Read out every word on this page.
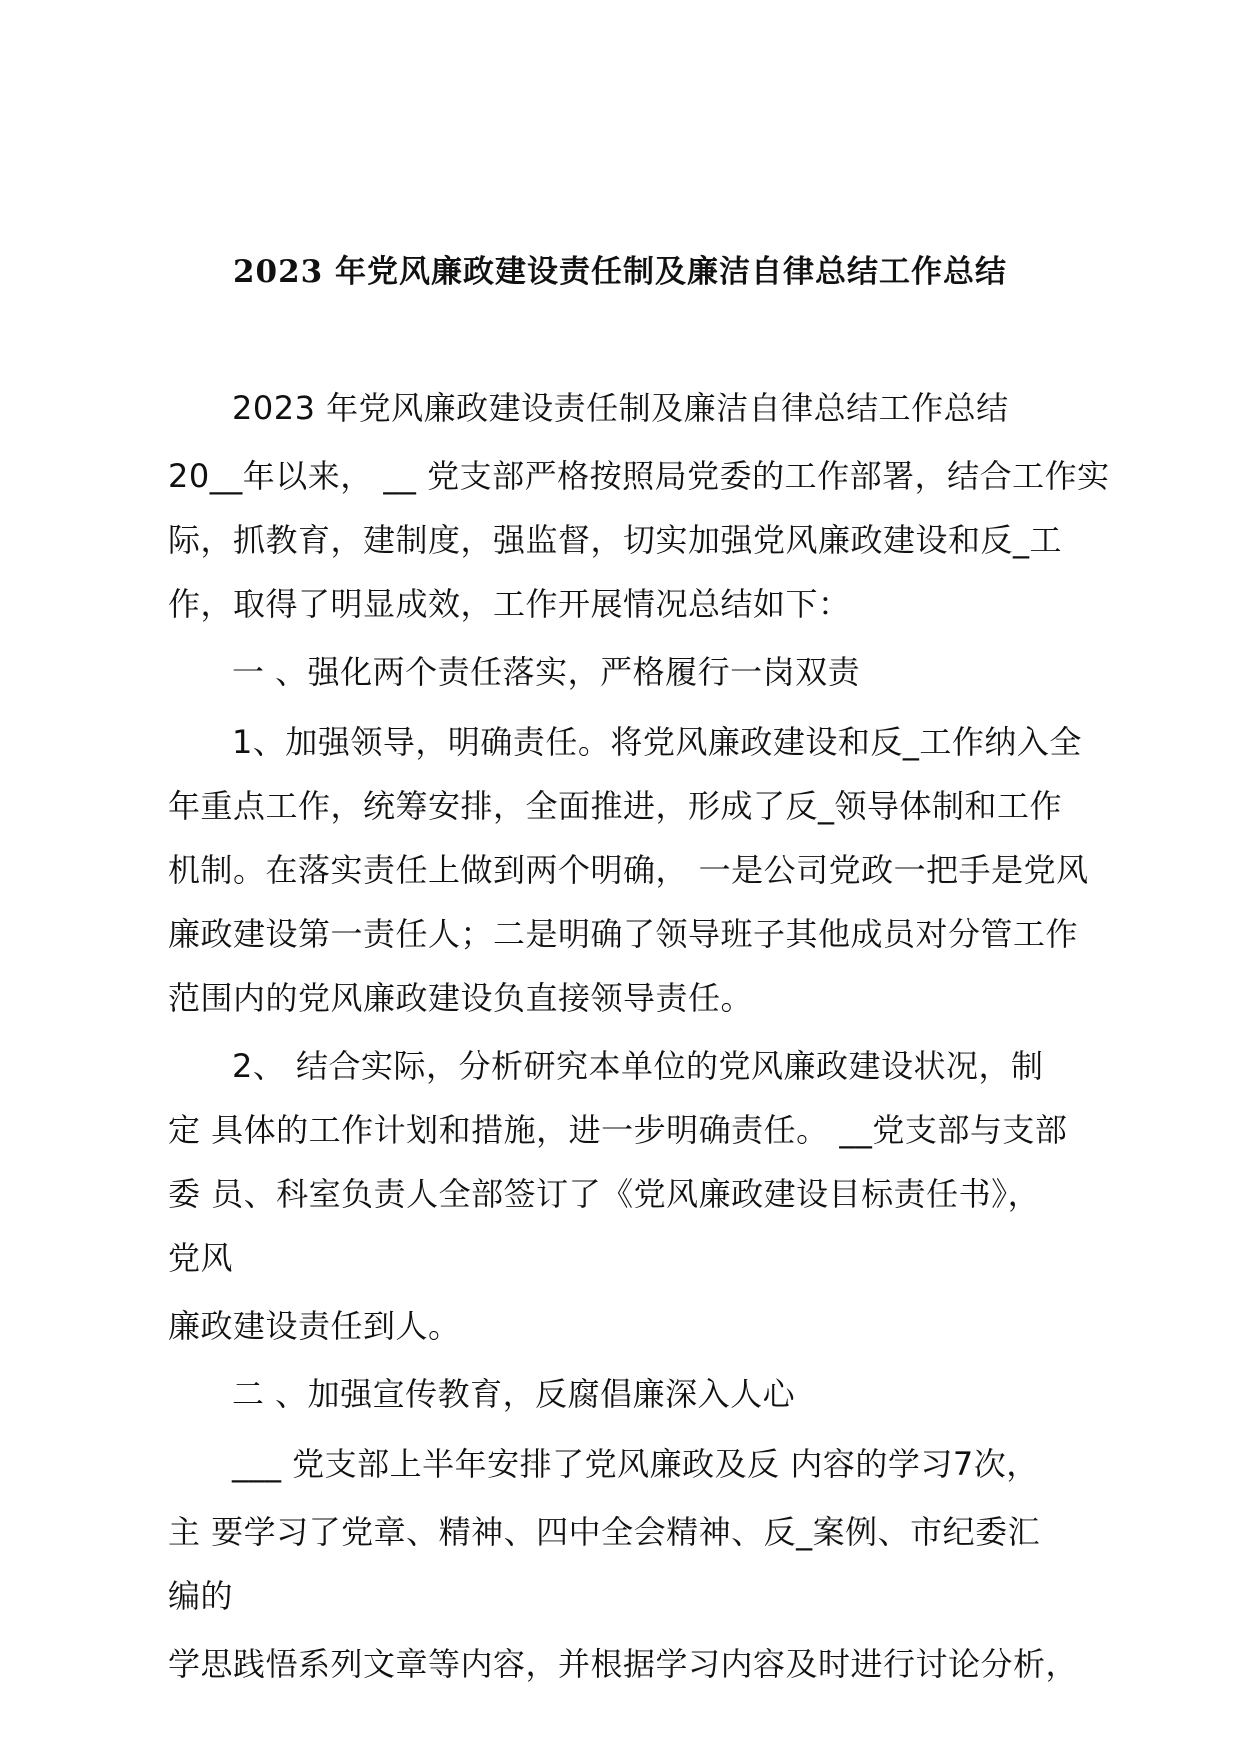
2023 年党风廉政建设责任制及廉洁自律总结工作总结
2023 年党风廉政建设责任制及廉洁自律总结工作总结
20__年以来， __ 党支部严格按照局党委的工作部署，结合工作实
际，抓教育，建制度，强监督，切实加强党风廉政建设和反_工
作，取得了明显成效，工作开展情况总结如下：
一 、强化两个责任落实，严格履行一岗双责
1、加强领导，明确责任。将党风廉政建设和反_工作纳入全
年重点工作，统筹安排，全面推进，形成了反_领导体制和工作
机制。在落实责任上做到两个明确， 一是公司党政一把手是党风
廉政建设第一责任人；二是明确了领导班子其他成员对分管工作
范围内的党风廉政建设负直接领导责任。
2、 结合实际，分析研究本单位的党风廉政建设状况，制
定 具体的工作计划和措施，进一步明确责任。 __党支部与支部
委 员、科室负责人全部签订了《党风廉政建设目标责任书》，
党风
廉政建设责任到人。
二 、加强宣传教育，反腐倡廉深入人心
___ 党支部上半年安排了党风廉政及反 内容的学习7次，
主 要学习了党章、精神、四中全会精神、反_案例、市纪委汇
编的
学思践悟系列文章等内容，并根据学习内容及时进行讨论分析，
